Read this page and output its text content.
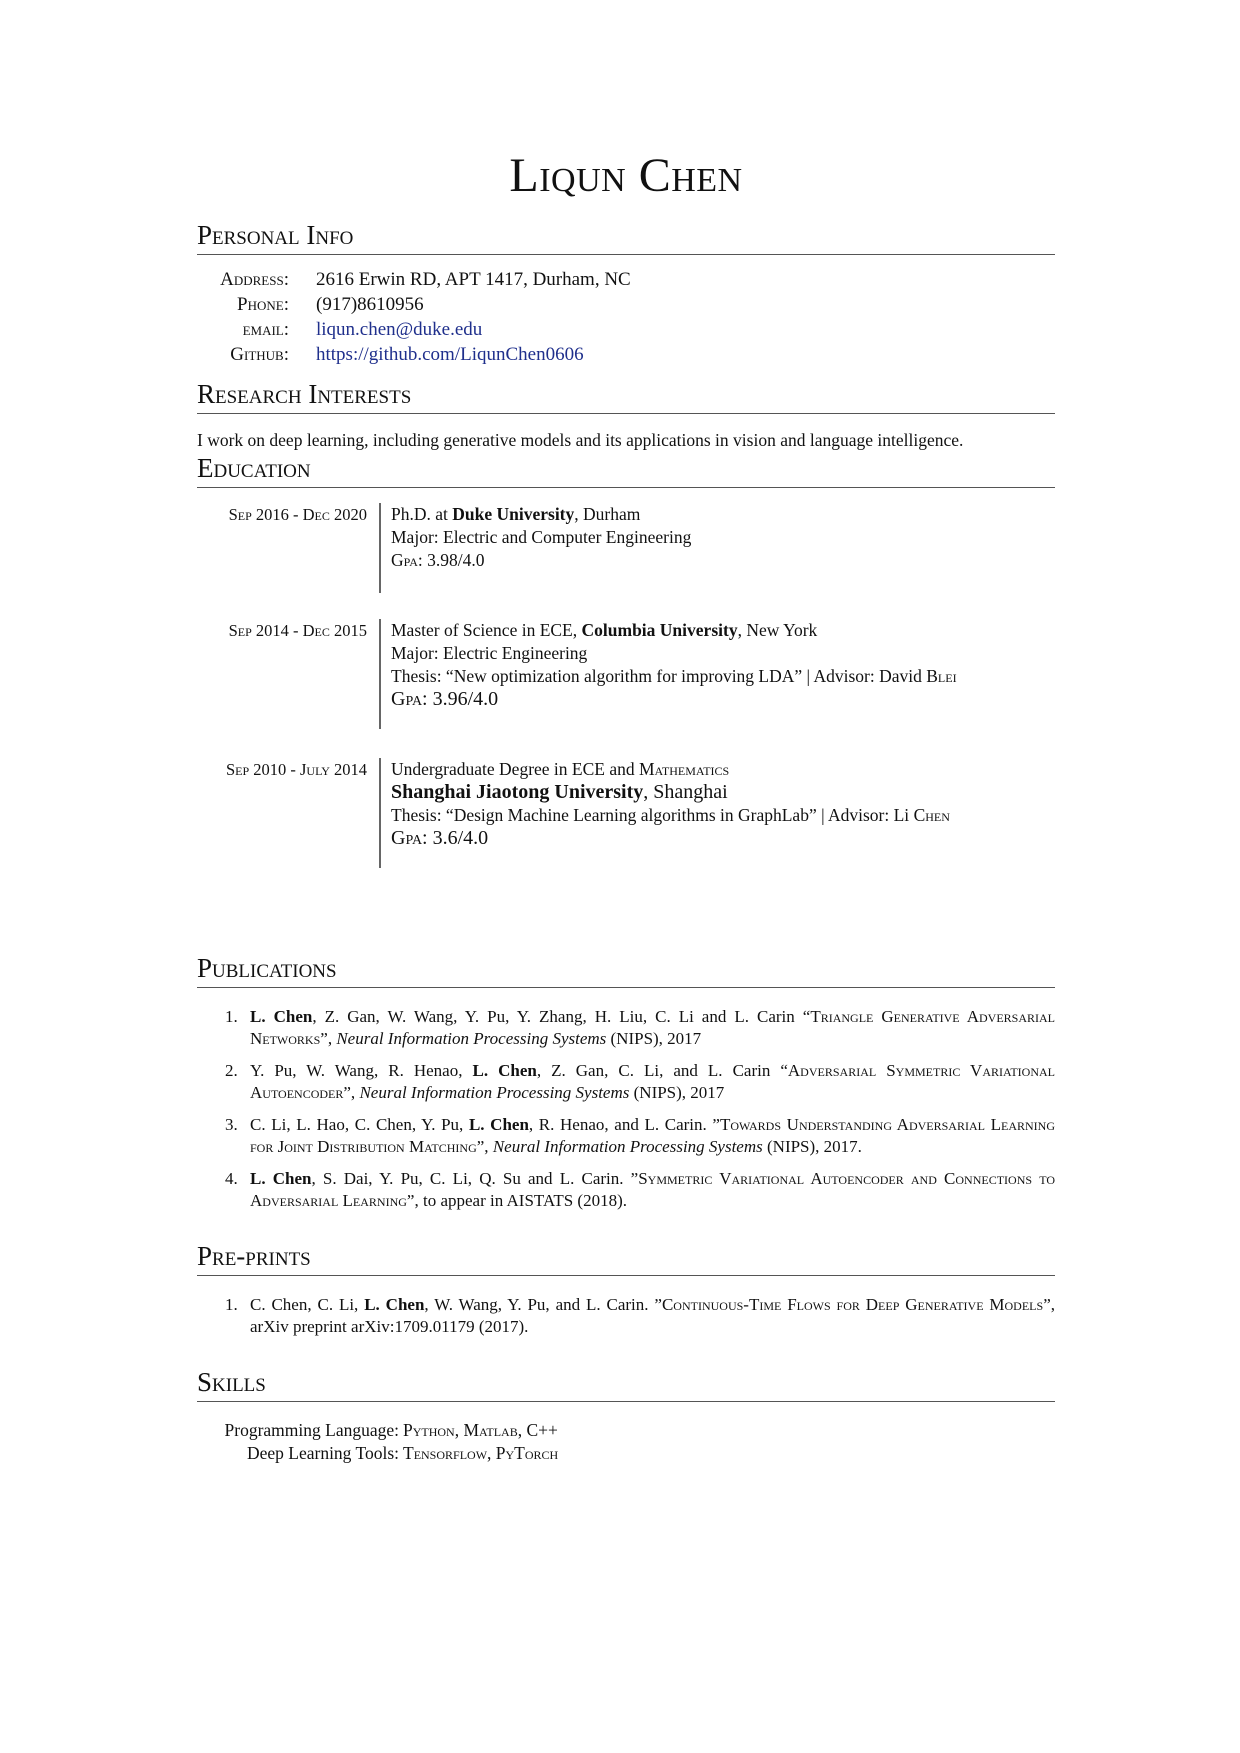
Liqun Chen
Personal Info
Address: 2616 Erwin RD, APT 1417, Durham, NC
Phone: (917)8610956
email: liqun.chen@duke.edu
Github: https://github.com/LiqunChen0606
Research Interests
I work on deep learning, including generative models and its applications in vision and language intelligence.
Education
Sep 2016 - Dec 2020 Ph.D. at Duke University, Durham
Major: Electric and Computer Engineering
Gpa: 3.98/4.0
Sep 2014 - Dec 2015 Master of Science in ECE, Columbia University, New York
Major: Electric Engineering
Thesis: “New optimization algorithm for improving LDA” | Advisor: David Blei
Gpa: 3.96/4.0
Sep 2010 - July 2014 Undergraduate Degree in ECE and Mathematics
Shanghai Jiaotong University, Shanghai
Thesis: “Design Machine Learning algorithms in GraphLab” | Advisor: Li Chen
Gpa: 3.6/4.0
Publications
1. L. Chen, Z. Gan, W. Wang, Y. Pu, Y. Zhang, H. Liu, C. Li and L. Carin “Triangle Generative Adversarial Networks”, Neural Information Processing Systems (NIPS), 2017
2. Y. Pu, W. Wang, R. Henao, L. Chen, Z. Gan, C. Li, and L. Carin “Adversarial Symmetric Variational Autoencoder”, Neural Information Processing Systems (NIPS), 2017
3. C. Li, L. Hao, C. Chen, Y. Pu, L. Chen, R. Henao, and L. Carin. ”Towards Understanding Adversarial Learning for Joint Distribution Matching”, Neural Information Processing Systems (NIPS), 2017.
4. L. Chen, S. Dai, Y. Pu, C. Li, Q. Su and L. Carin. ”Symmetric Variational Autoencoder and Connections to Adversarial Learning”, to appear in AISTATS (2018).
Pre-prints
1. C. Chen, C. Li, L. Chen, W. Wang, Y. Pu, and L. Carin. ”Continuous-Time Flows for Deep Generative Models”, arXiv preprint arXiv:1709.01179 (2017).
Skills
Programming Language: Python, Matlab, C++
Deep Learning Tools: Tensorflow, PyTorch
